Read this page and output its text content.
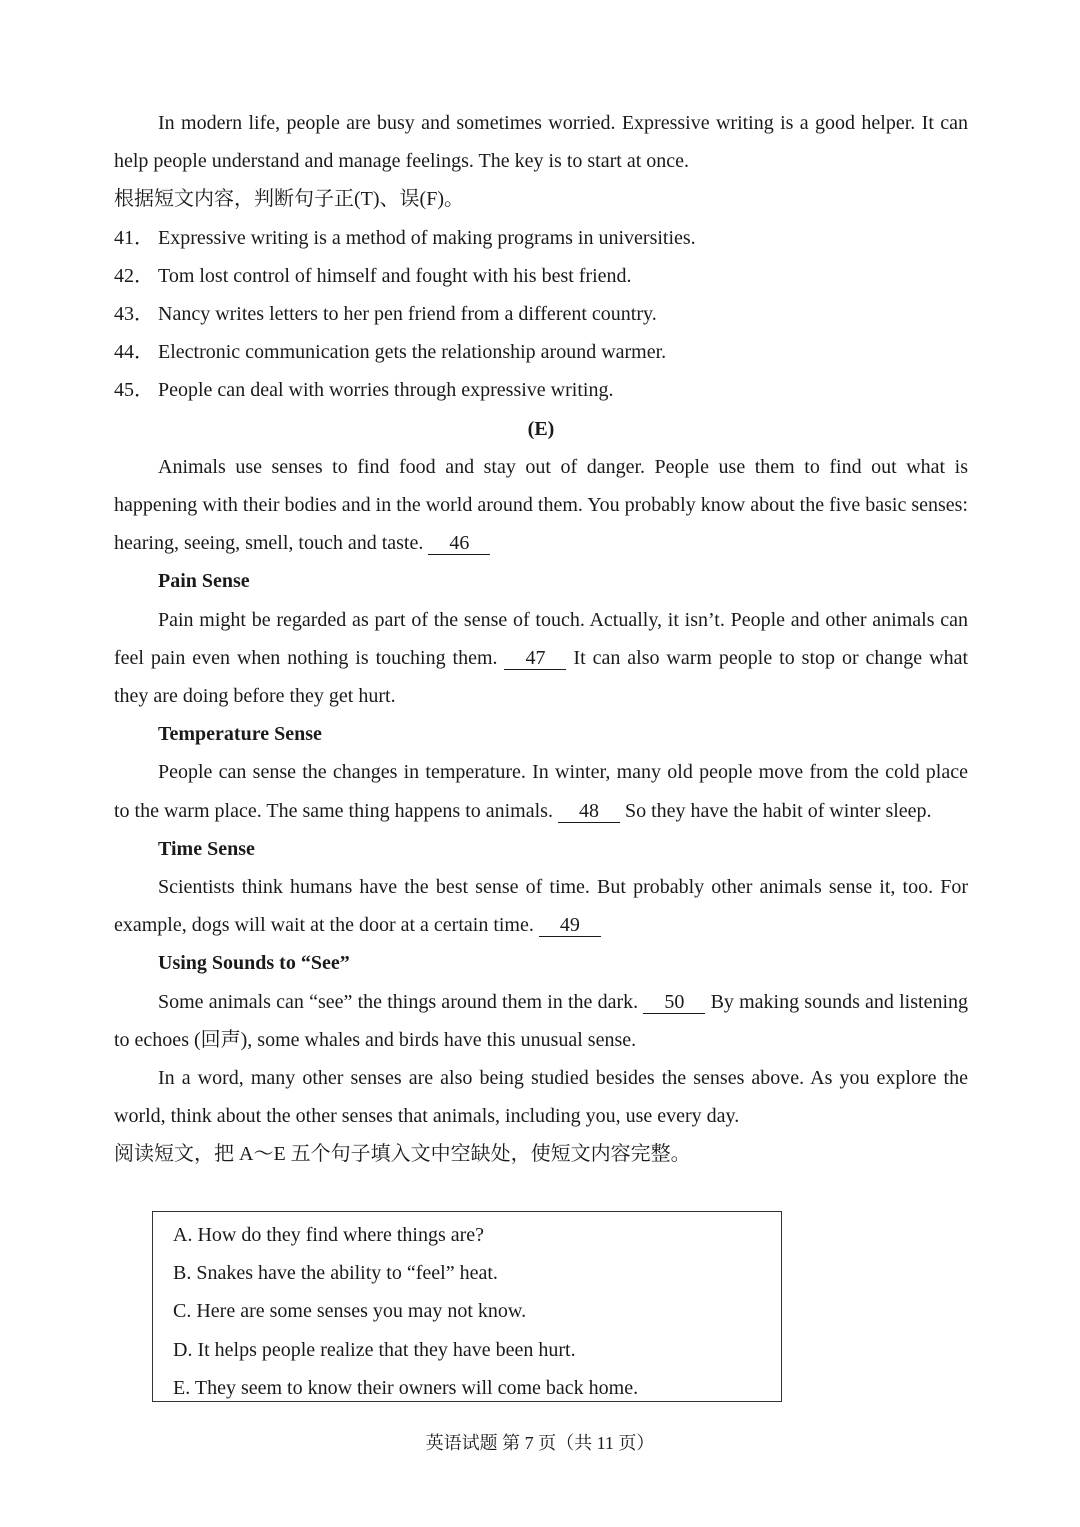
In modern life, people are busy and sometimes worried. Expressive writing is a good helper. It can help people understand and manage feelings. The key is to start at once.

根据短文内容，判断句子正(T)、误(F)。

41． Expressive writing is a method of making programs in universities.

42． Tom lost control of himself and fought with his best friend.

43． Nancy writes letters to her pen friend from a different country.

44． Electronic communication gets the relationship around warmer.

45． People can deal with worries through expressive writing.

(E)

Animals use senses to find food and stay out of danger. People use them to find out what is happening with their bodies and in the world around them. You probably know about the five basic senses: hearing, seeing, smell, touch and taste. 46

Pain Sense

Pain might be regarded as part of the sense of touch. Actually, it isn’t. People and other animals can feel pain even when nothing is touching them. 47 It can also warm people to stop or change what they are doing before they get hurt.

Temperature Sense

People can sense the changes in temperature. In winter, many old people move from the cold place to the warm place. The same thing happens to animals. 48 So they have the habit of winter sleep.

Time Sense

Scientists think humans have the best sense of time. But probably other animals sense it, too. For example, dogs will wait at the door at a certain time. 49

Using Sounds to “See”

Some animals can “see” the things around them in the dark. 50 By making sounds and listening to echoes (回声), some whales and birds have this unusual sense.

In a word, many other senses are also being studied besides the senses above. As you explore the world, think about the other senses that animals, including you, use every day.

阅读短文，把 A～E 五个句子填入文中空缺处，使短文内容完整。

A. How do they find where things are?

B. Snakes have the ability to “feel” heat.

C. Here are some senses you may not know.

D. It helps people realize that they have been hurt.

E. They seem to know their owners will come back home.

英语试题 第 7 页（共 11 页）
